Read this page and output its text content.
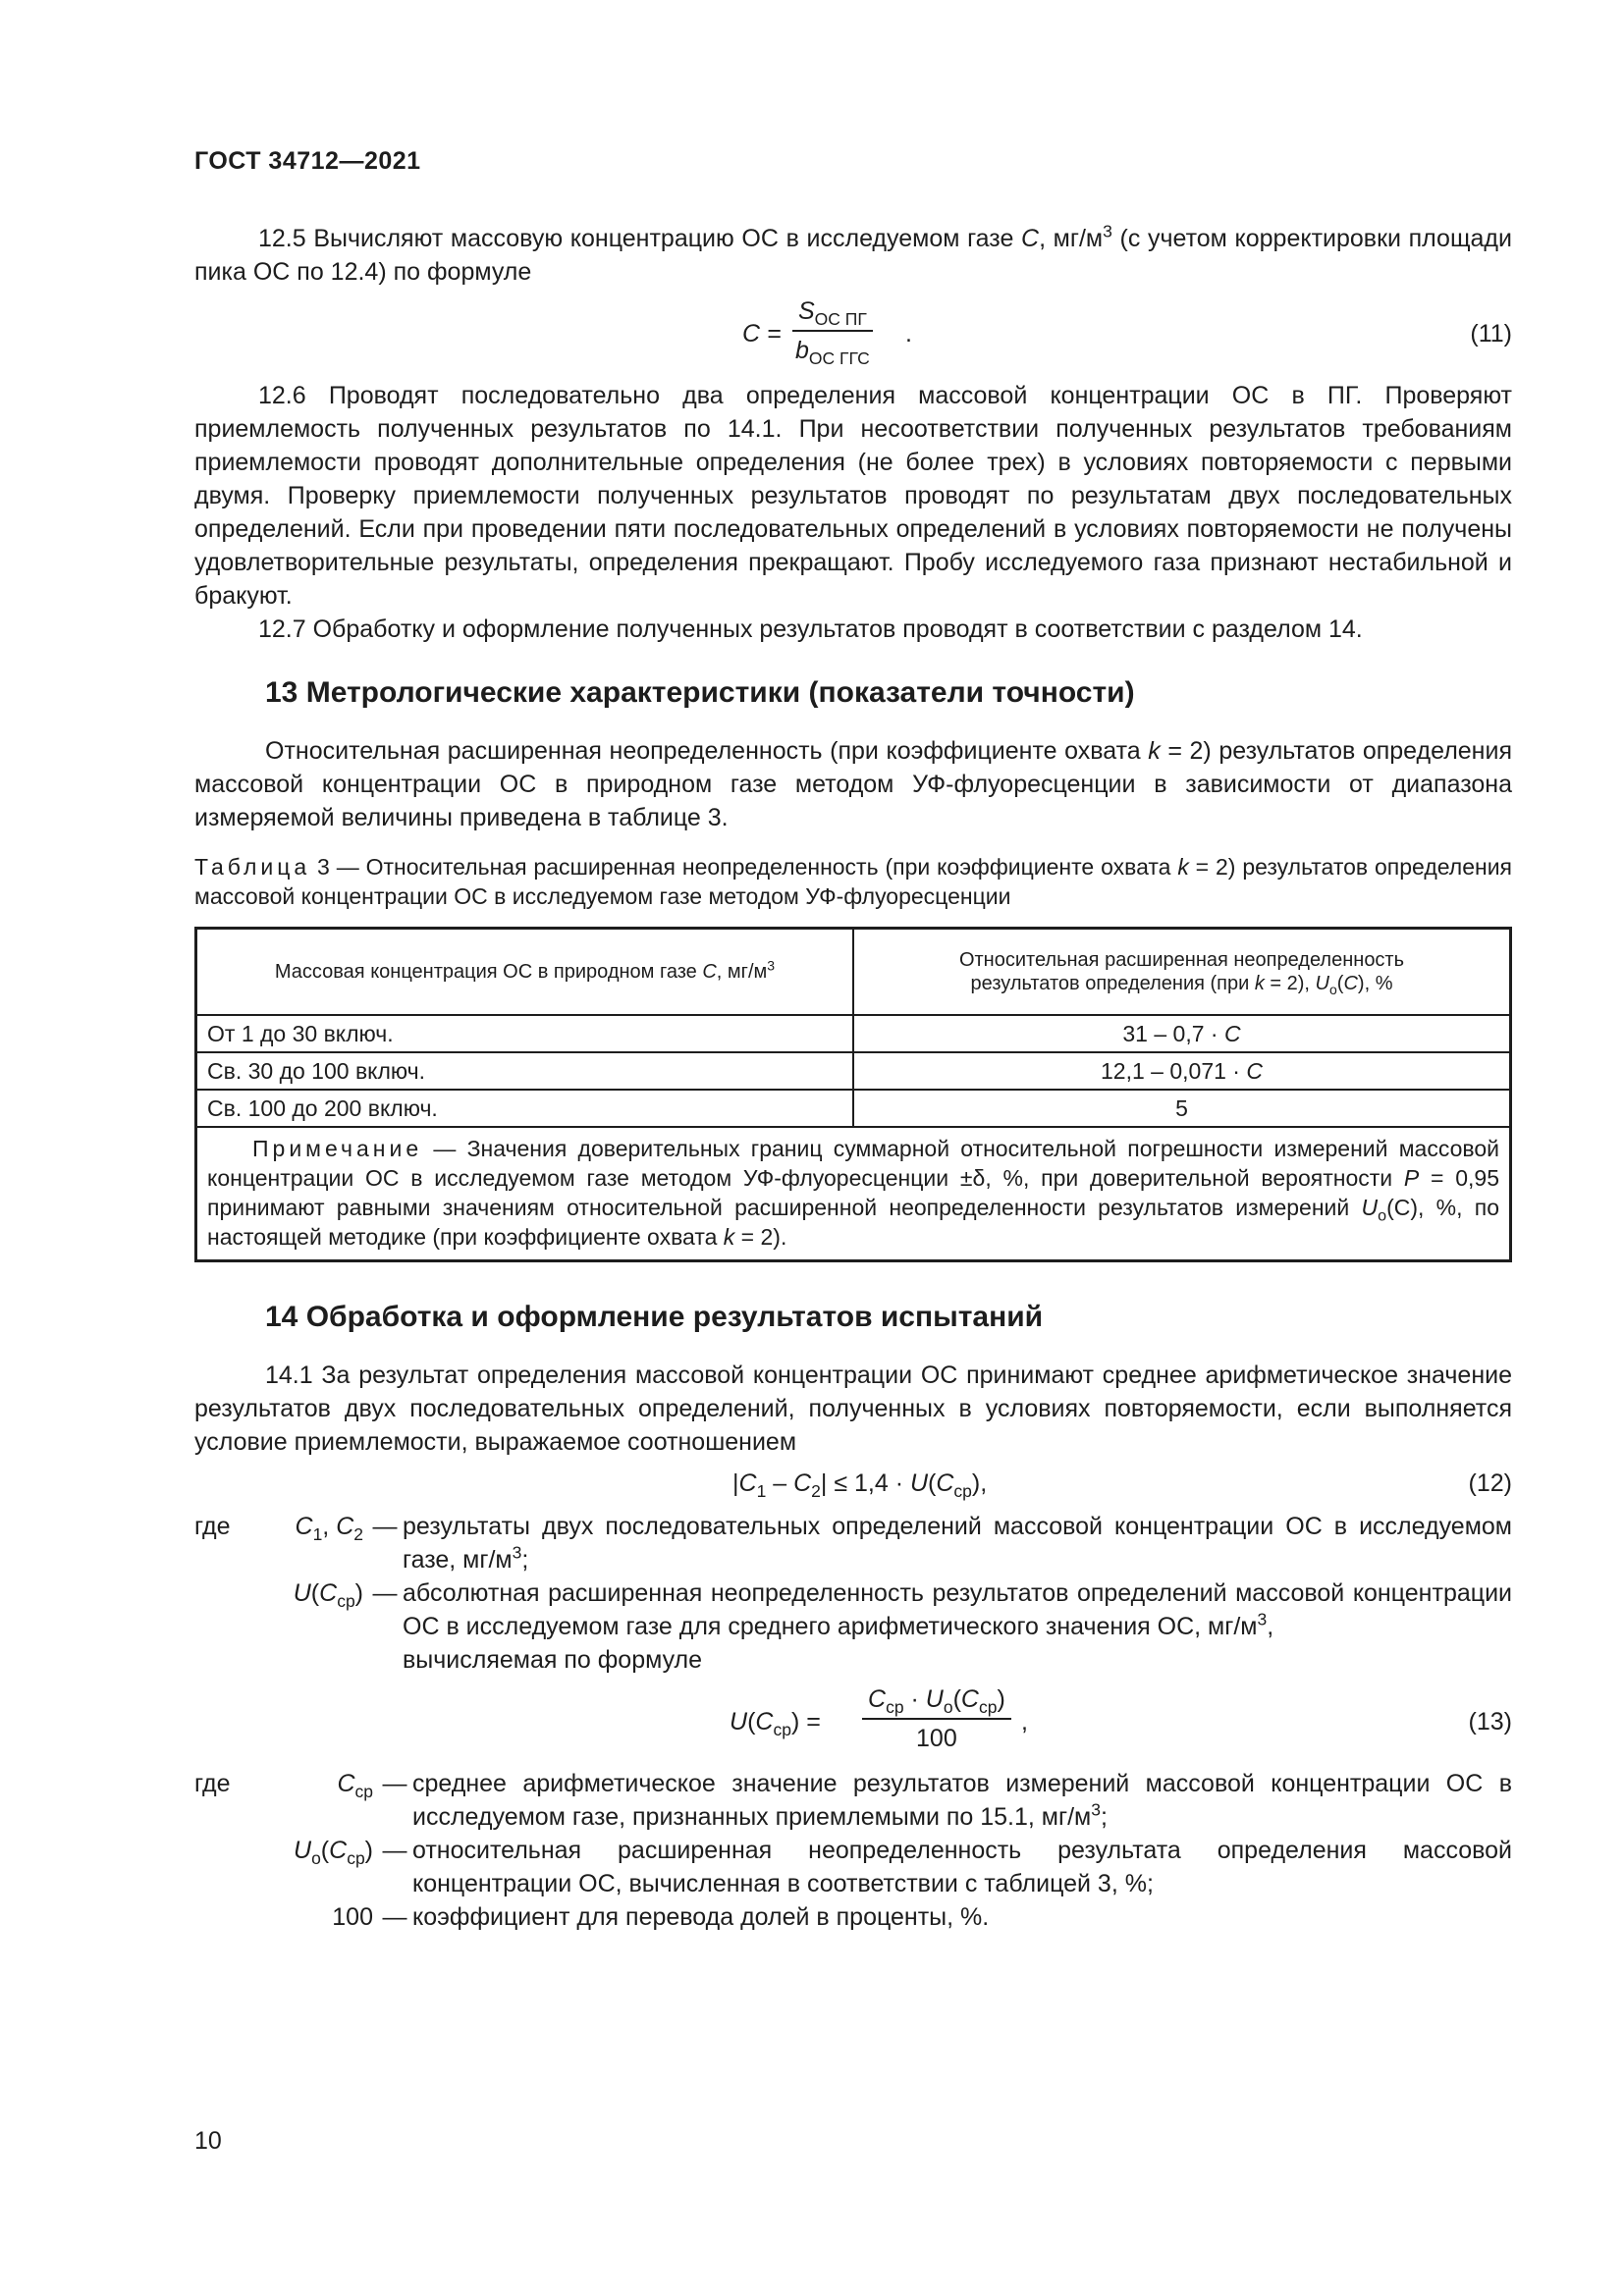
ГОСТ 34712—2021

12.5 Вычисляют массовую концентрацию ОС в исследуемом газе C, $мг/м^3$ (с учетом корректировки площади пика ОС по 12.4) по формуле

C =
$S_{ОС ПГ}$
$b_{ОС ГГС}$
.	(11)

12.6 Проводят последовательно два определения массовой концентрации ОС в ПГ. Проверяют приемлемость полученных результатов по 14.1. При несоответствии полученных результатов требованиям приемлемости проводят дополнительные определения (не более трех) в условиях повторяемости с первыми двумя. Проверку приемлемости полученных результатов проводят по результатам двух последовательных определений. Если при проведении пяти последовательных определений в условиях повторяемости не получены удовлетворительные результаты, определения прекращают. Пробу исследуемого газа признают нестабильной и бракуют.

12.7 Обработку и оформление полученных результатов проводят в соответствии с разделом 14.

13 Метрологические характеристики (показатели точности)

Относительная расширенная неопределенность (при коэффициенте охвата k = 2) результатов определения массовой концентрации ОС в природном газе методом УФ-флуоресценции в зависимости от диапазона измеряемой величины приведена в таблице 3.

Таблица 3 — Относительная расширенная неопределенность (при коэффициенте охвата k = 2) результатов определения массовой концентрации ОС в исследуемом газе методом УФ-флуоресценции
Массовая концентрация ОС в природном газе C, $мг/м^3$	Относительная расширенная неопределенность
результатов определения (при k = 2), $U_о(C)$, %
От 1 до 30 включ.	31 – 0,7 · C
Св. 30 до 100 включ.	12,1 – 0,071 · C
Св. 100 до 200 включ.	5
Примечание — Значения доверительных границ суммарной относительной погрешности измерений массовой концентрации ОС в исследуемом газе методом УФ-флуоресценции ±δ, %, при доверительной вероятности P = 0,95 принимают равными значениям относительной расширенной неопределенности результатов измерений $U_о(С)$, %, по настоящей методике (при коэффициенте охвата k = 2).	
14 Обработка и оформление результатов испытаний

14.1 За результат определения массовой концентрации ОС принимают среднее арифметическое значение результатов двух последовательных определений, полученных в условиях повторяемости, если выполняется условие приемлемости, выражаемое соотношением

$|C_1 - C_2| \le 1,4 \cdot U(C_{ср})$,	(12)
где	$C_1$, $C_2$	—	результаты двух последовательных определений массовой концентрации ОС в исследуемом газе, $мг/м^3$;
	$U(C_{ср})$	—	абсолютная расширенная неопределенность результатов определений массовой концентрации ОС в исследуемом газе для среднего арифметического значения ОС, $мг/м^3$,
вычисляемая по формуле
$U(C_{ср})$ =
$C_{ср} \cdot U_o(C_{ср})$
100
,	(13)
где	$C_{ср}$	—	среднее арифметическое значение результатов измерений массовой концентрации ОС в исследуемом газе, признанных приемлемыми по 15.1, $мг/м^3$;
	$U_о(C_{ср})$	—	относительная расширенная неопределенность результата определения массовой концентрации ОС, вычисленная в соответствии с таблицей 3, %;
	100	—	коэффициент для перевода долей в проценты, %.
10
